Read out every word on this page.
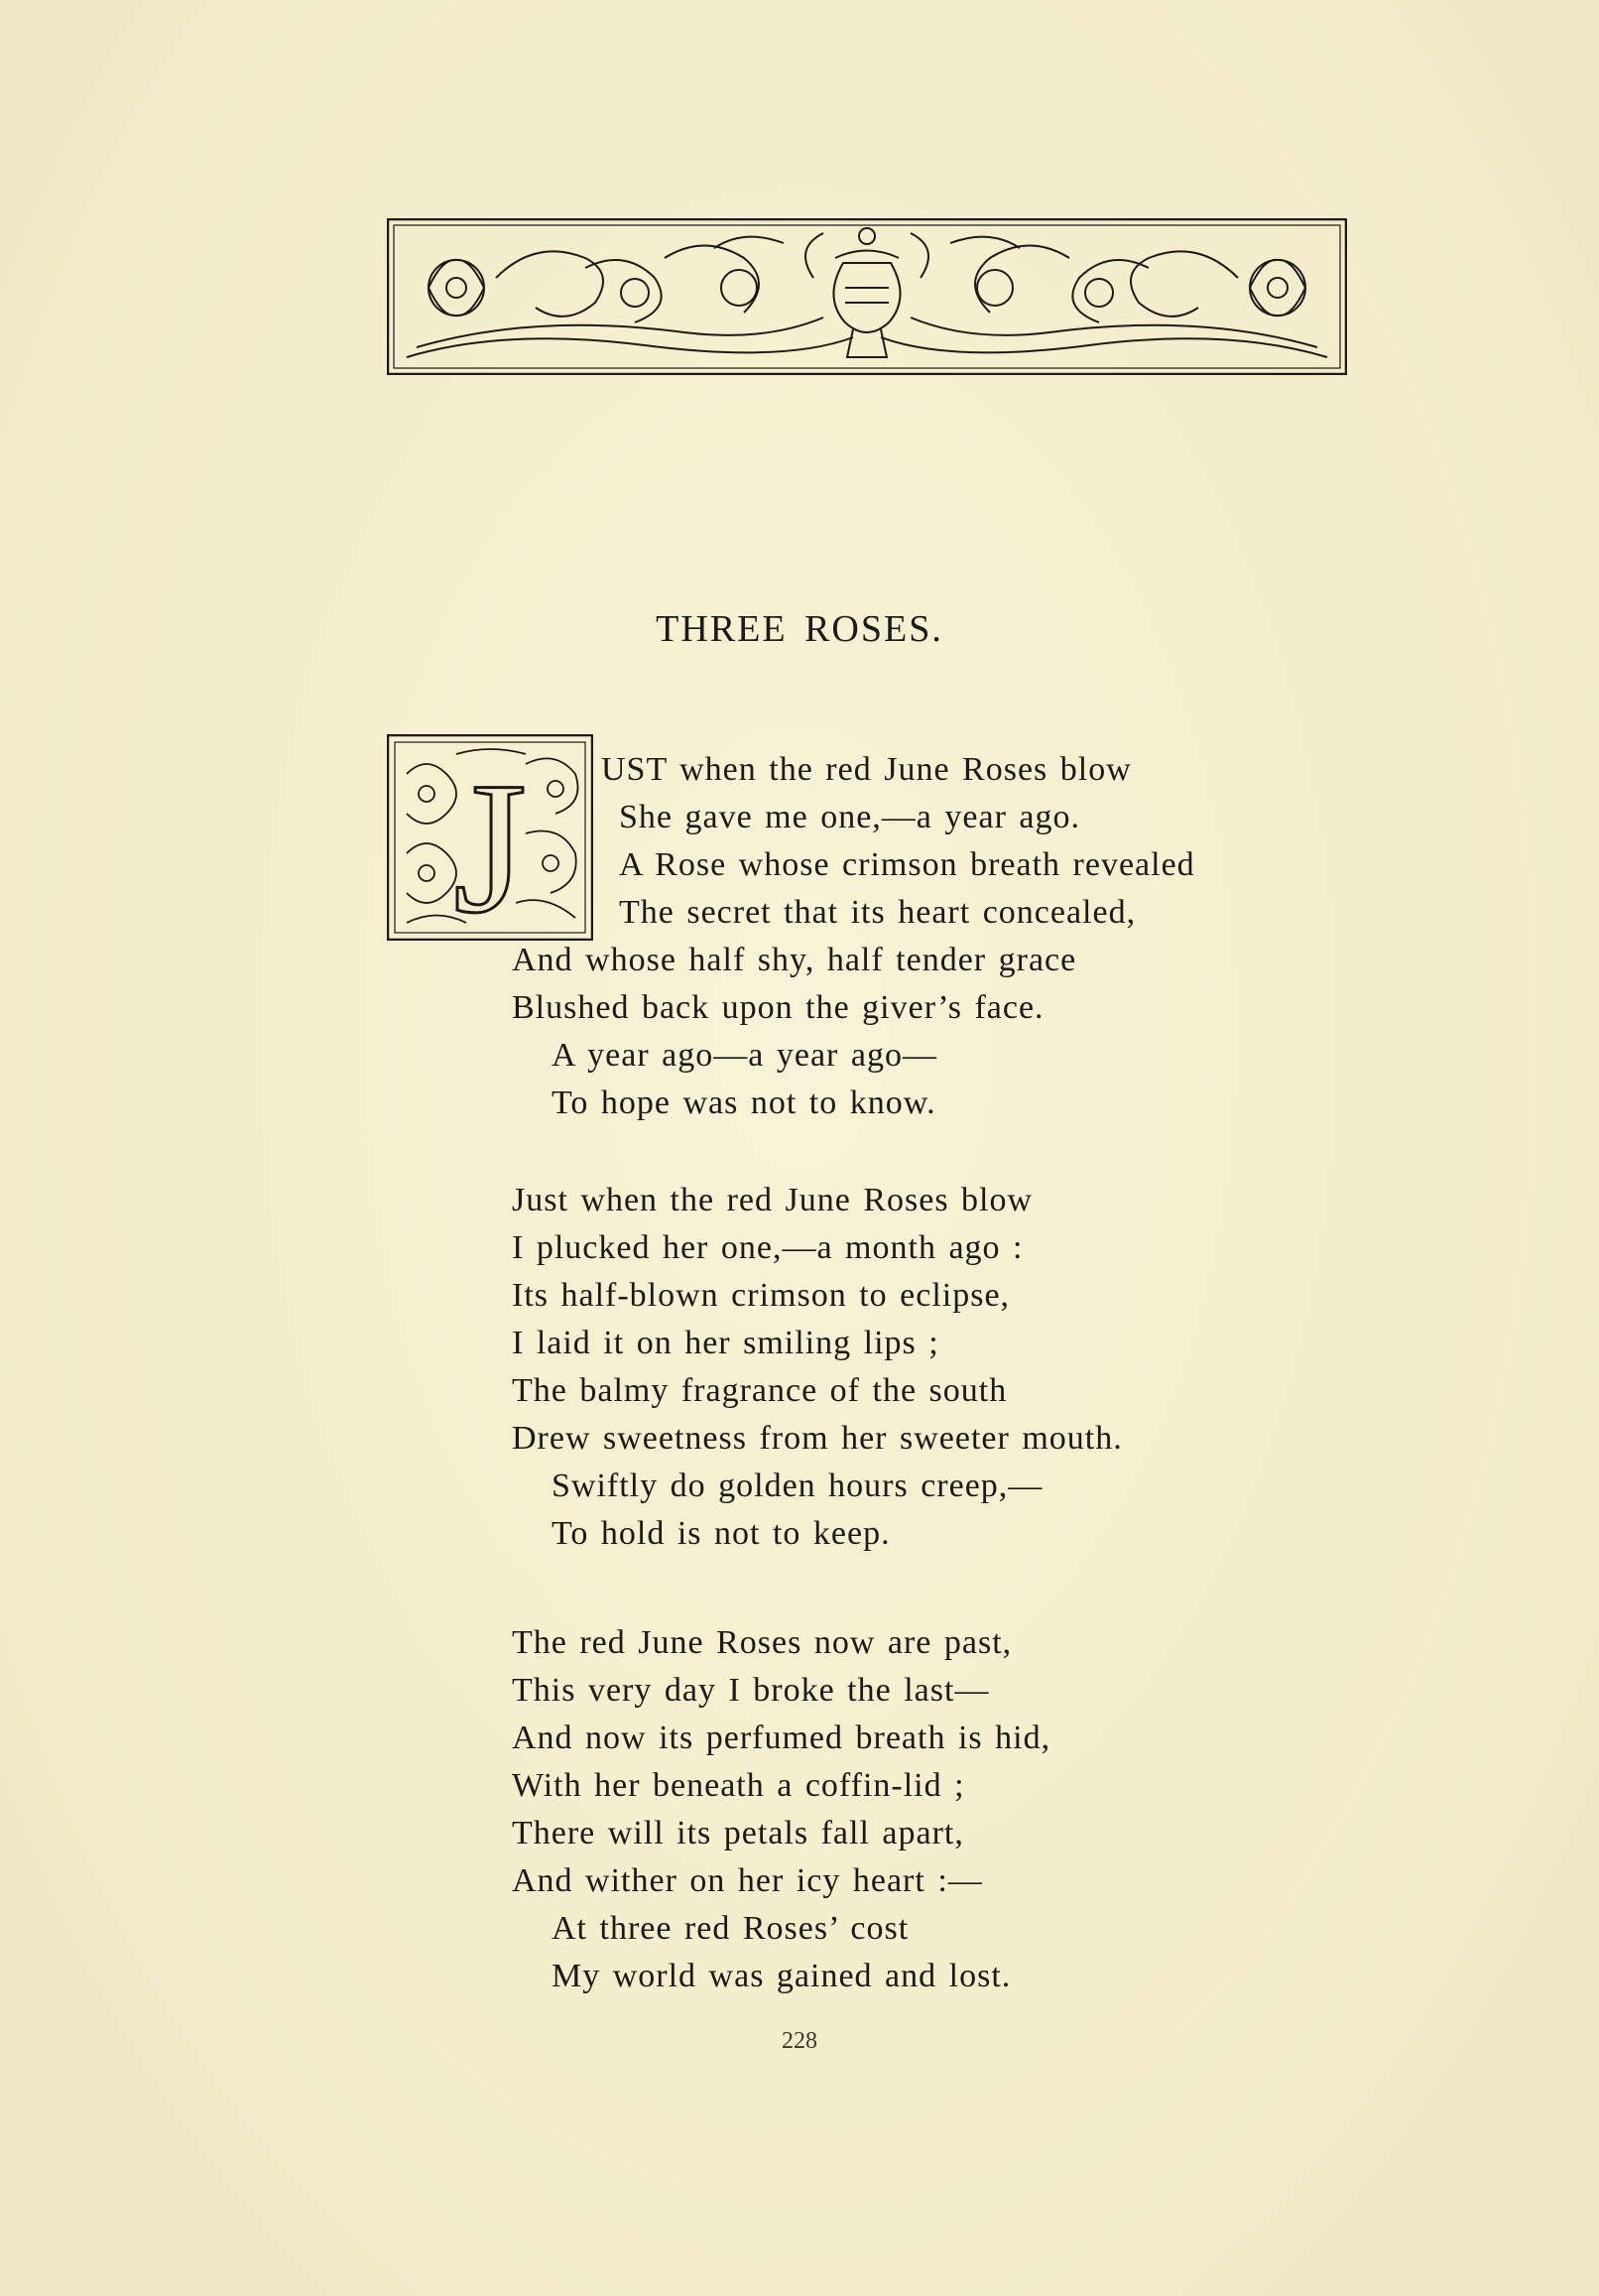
THREE ROSES.
J UST when the red June Roses blow
She gave me one,—a year ago.
A Rose whose crimson breath revealed
The secret that its heart concealed,
And whose half shy, half tender grace
Blushed back upon the giver’s face.
A year ago—a year ago—
To hope was not to know.
Just when the red June Roses blow
I plucked her one,—a month ago :
Its half-blown crimson to eclipse,
I laid it on her smiling lips ;
The balmy fragrance of the south
Drew sweetness from her sweeter mouth.
Swiftly do golden hours creep,—
To hold is not to keep.
The red June Roses now are past,
This very day I broke the last—
And now its perfumed breath is hid,
With her beneath a coffin-lid ;
There will its petals fall apart,
And wither on her icy heart :—
At three red Roses’ cost
My world was gained and lost.
228
